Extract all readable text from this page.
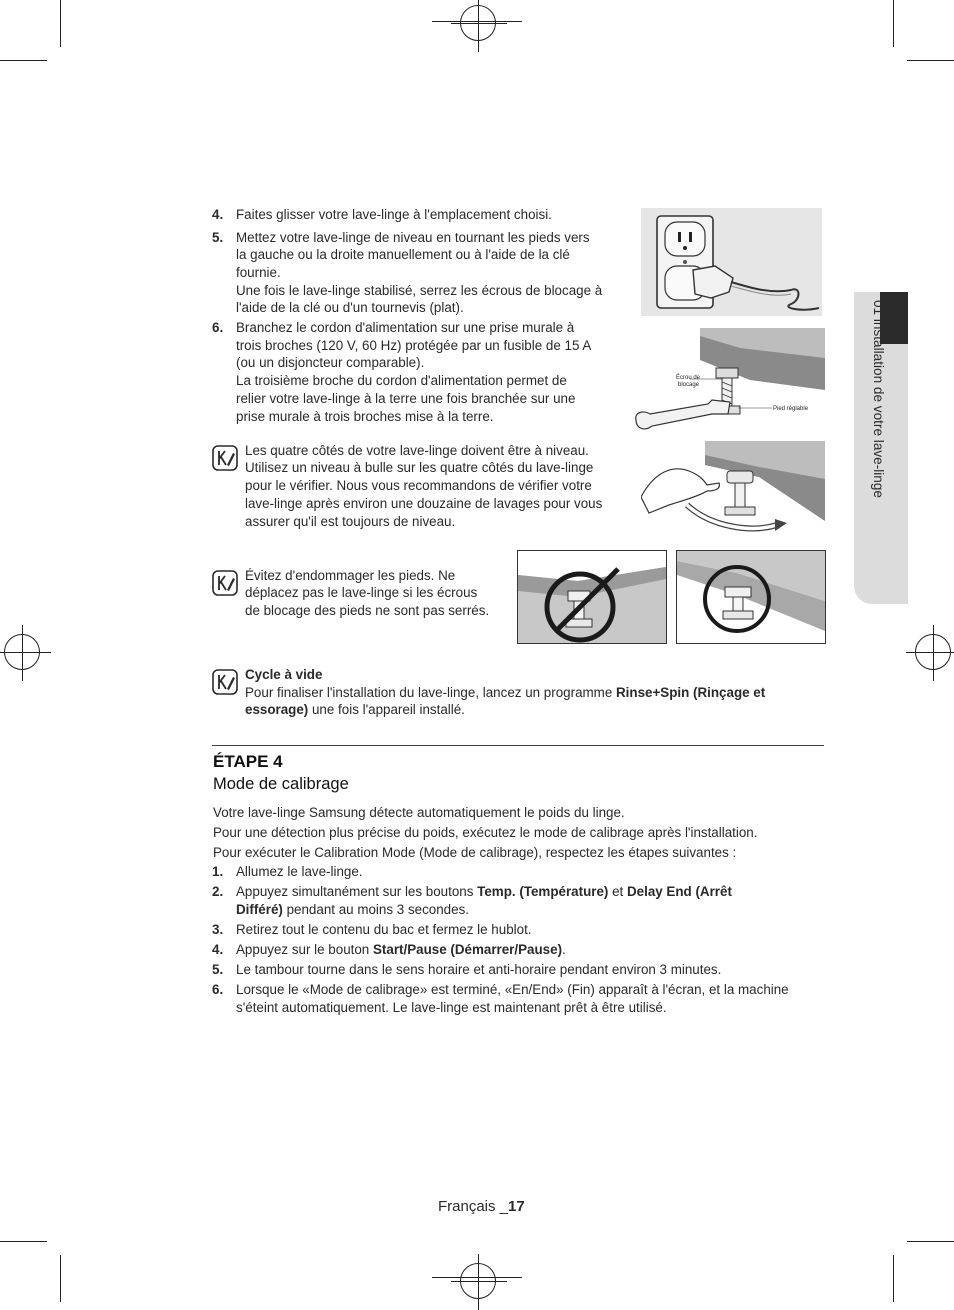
01 installation de votre lave-linge
4. Faites glisser votre lave-linge à l'emplacement choisi.
5. Mettez votre lave-linge de niveau en tournant les pieds vers
la gauche ou la droite manuellement ou à l'aide de la clé
fournie.
Une fois le lave-linge stabilisé, serrez les écrous de blocage à
l'aide de la clé ou d'un tournevis (plat).
6. Branchez le cordon d'alimentation sur une prise murale à
trois broches (120 V, 60 Hz) protégée par un fusible de 15 A
(ou un disjoncteur comparable).
La troisième broche du cordon d'alimentation permet de
relier votre lave-linge à la terre une fois branchée sur une
prise murale à trois broches mise à la terre.
Écrou de
blocage
Pied réglable
Les quatre côtés de votre lave-linge doivent être à niveau.
Utilisez un niveau à bulle sur les quatre côtés du lave-linge
pour le vérifier. Nous vous recommandons de vérifier votre
lave-linge après environ une douzaine de lavages pour vous
assurer qu'il est toujours de niveau.
Évitez d'endommager les pieds. Ne
déplacez pas le lave-linge si les écrous
de blocage des pieds ne sont pas serrés.
Cycle à vide
Pour finaliser l'installation du lave-linge, lancez un programme Rinse+Spin (Rinçage et
essorage) une fois l'appareil installé.
ÉTAPE 4
Mode de calibrage
Votre lave-linge Samsung détecte automatiquement le poids du linge.
Pour une détection plus précise du poids, exécutez le mode de calibrage après l'installation.
Pour exécuter le Calibration Mode (Mode de calibrage), respectez les étapes suivantes :
1. Allumez le lave-linge.
2. Appuyez simultanément sur les boutons Temp. (Température) et Delay End (Arrêt
Différé) pendant au moins 3 secondes.
3. Retirez tout le contenu du bac et fermez le hublot.
4. Appuyez sur le bouton Start/Pause (Démarrer/Pause).
5. Le tambour tourne dans le sens horaire et anti-horaire pendant environ 3 minutes.
6. Lorsque le «Mode de calibrage» est terminé, «En/End» (Fin) apparaît à l'écran, et la machine
s'éteint automatiquement. Le lave-linge est maintenant prêt à être utilisé.
Français _17
